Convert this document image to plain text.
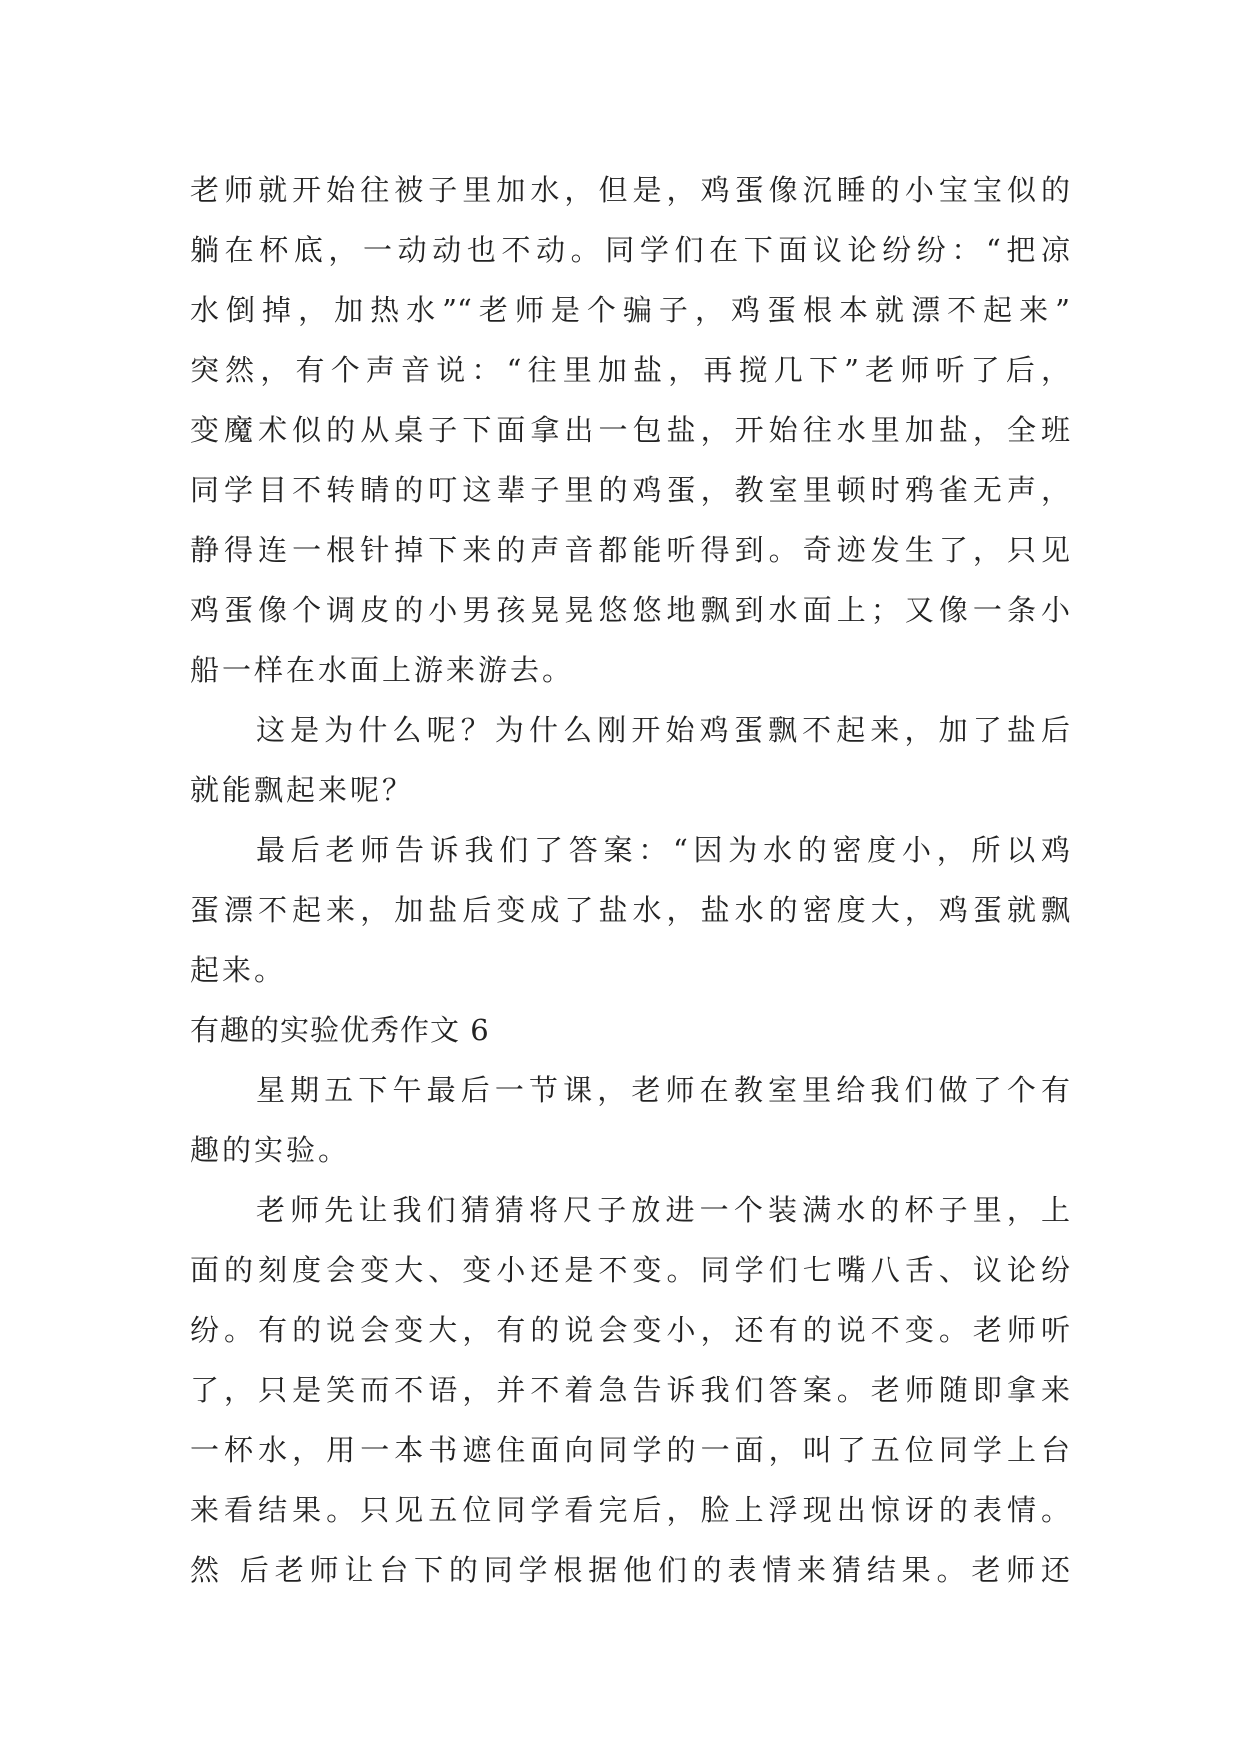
老师就开始往被子里加水，但是，鸡蛋像沉睡的小宝宝似的
躺在杯底，一动动也不动。同学们在下面议论纷纷：“把凉
水倒掉，加热水”“老师是个骗子，鸡蛋根本就漂不起来”
突然，有个声音说：“往里加盐，再搅几下”老师听了后，
变魔术似的从桌子下面拿出一包盐，开始往水里加盐，全班
同学目不转睛的叮这辈子里的鸡蛋，教室里顿时鸦雀无声，
静得连一根针掉下来的声音都能听得到。奇迹发生了，只见
鸡蛋像个调皮的小男孩晃晃悠悠地飘到水面上；又像一条小
船一样在水面上游来游去。
这是为什么呢？为什么刚开始鸡蛋飘不起来，加了盐后
就能飘起来呢？
最后老师告诉我们了答案：“因为水的密度小，所以鸡
蛋漂不起来，加盐后变成了盐水，盐水的密度大，鸡蛋就飘
起来。
有趣的实验优秀作文 6
星期五下午最后一节课，老师在教室里给我们做了个有
趣的实验。
老师先让我们猜猜将尺子放进一个装满水的杯子里，上
面的刻度会变大、变小还是不变。同学们七嘴八舌、议论纷
纷。有的说会变大，有的说会变小，还有的说不变。老师听
了，只是笑而不语，并不着急告诉我们答案。老师随即拿来
一杯水，用一本书遮住面向同学的一面，叫了五位同学上台
来看结果。只见五位同学看完后，脸上浮现出惊讶的表情。
然 后老师让台下的同学根据他们的表情来猜结果。老师还
